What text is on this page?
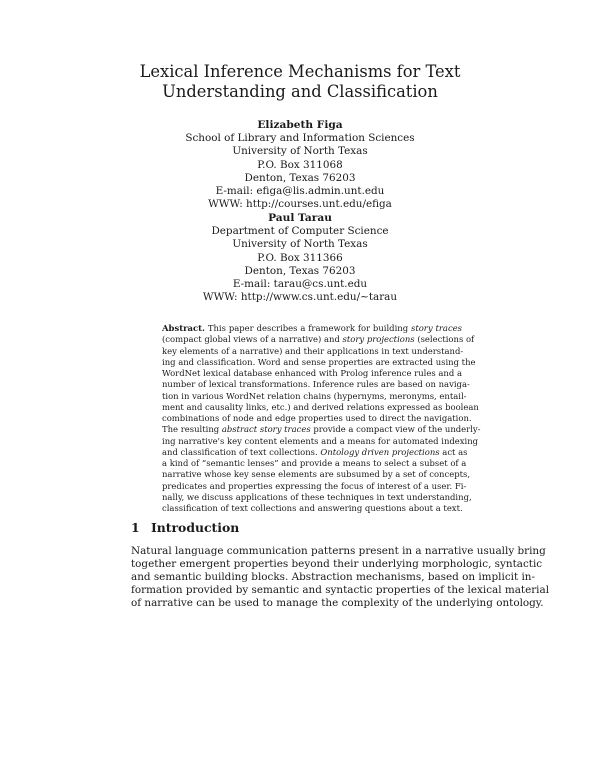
Lexical Inference Mechanisms for Text
Understanding and Classification
Elizabeth Figa
School of Library and Information Sciences
University of North Texas
P.O. Box 311068
Denton, Texas 76203
E-mail: efiga@lis.admin.unt.edu
WWW: http://courses.unt.edu/efiga
Paul Tarau
Department of Computer Science
University of North Texas
P.O. Box 311366
Denton, Texas 76203
E-mail: tarau@cs.unt.edu
WWW: http://www.cs.unt.edu/∼tarau
Abstract. This paper describes a framework for building story traces
(compact global views of a narrative) and story projections (selections of
key elements of a narrative) and their applications in text understand-
ing and classification. Word and sense properties are extracted using the
WordNet lexical database enhanced with Prolog inference rules and a
number of lexical transformations. Inference rules are based on naviga-
tion in various WordNet relation chains (hypernyms, meronyms, entail-
ment and causality links, etc.) and derived relations expressed as boolean
combinations of node and edge properties used to direct the navigation.
The resulting abstract story traces provide a compact view of the underly-
ing narrative's key content elements and a means for automated indexing
and classification of text collections. Ontology driven projections act as
a kind of “semantic lenses” and provide a means to select a subset of a
narrative whose key sense elements are subsumed by a set of concepts,
predicates and properties expressing the focus of interest of a user. Fi-
nally, we discuss applications of these techniques in text understanding,
classification of text collections and answering questions about a text.
1 Introduction
Natural language communication patterns present in a narrative usually bring
together emergent properties beyond their underlying morphologic, syntactic
and semantic building blocks. Abstraction mechanisms, based on implicit in-
formation provided by semantic and syntactic properties of the lexical material
of narrative can be used to manage the complexity of the underlying ontology.
